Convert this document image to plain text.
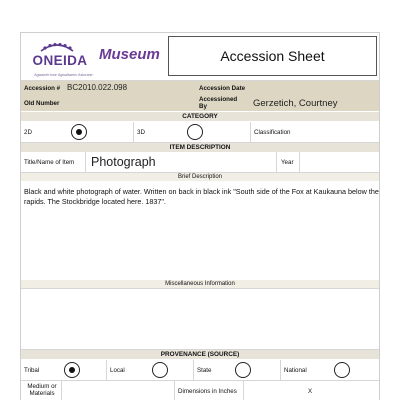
ONEIDA
Agwaneh·kwe·Agwaliwehc·Astorahe·
Museum	Accession Sheet
Accession # BC2010.022.098	Accession Date
Old Number
Accessioned By	Gerzetich, Courtney
CATEGORY
2D	3D	Classification
ITEM DESCRIPTION
Title/Name of Item Photograph	Year
Brief Description
Black and white photograph of water. Written on back in black ink "South side of the Fox at Kaukauna below the rapids. The Stockbridge located here. 1837".
Miscellaneous Information
PROVENANCE (SOURCE)
Tribal	Local	State	National
Medium or Materials	Dimensions in Inches	X
